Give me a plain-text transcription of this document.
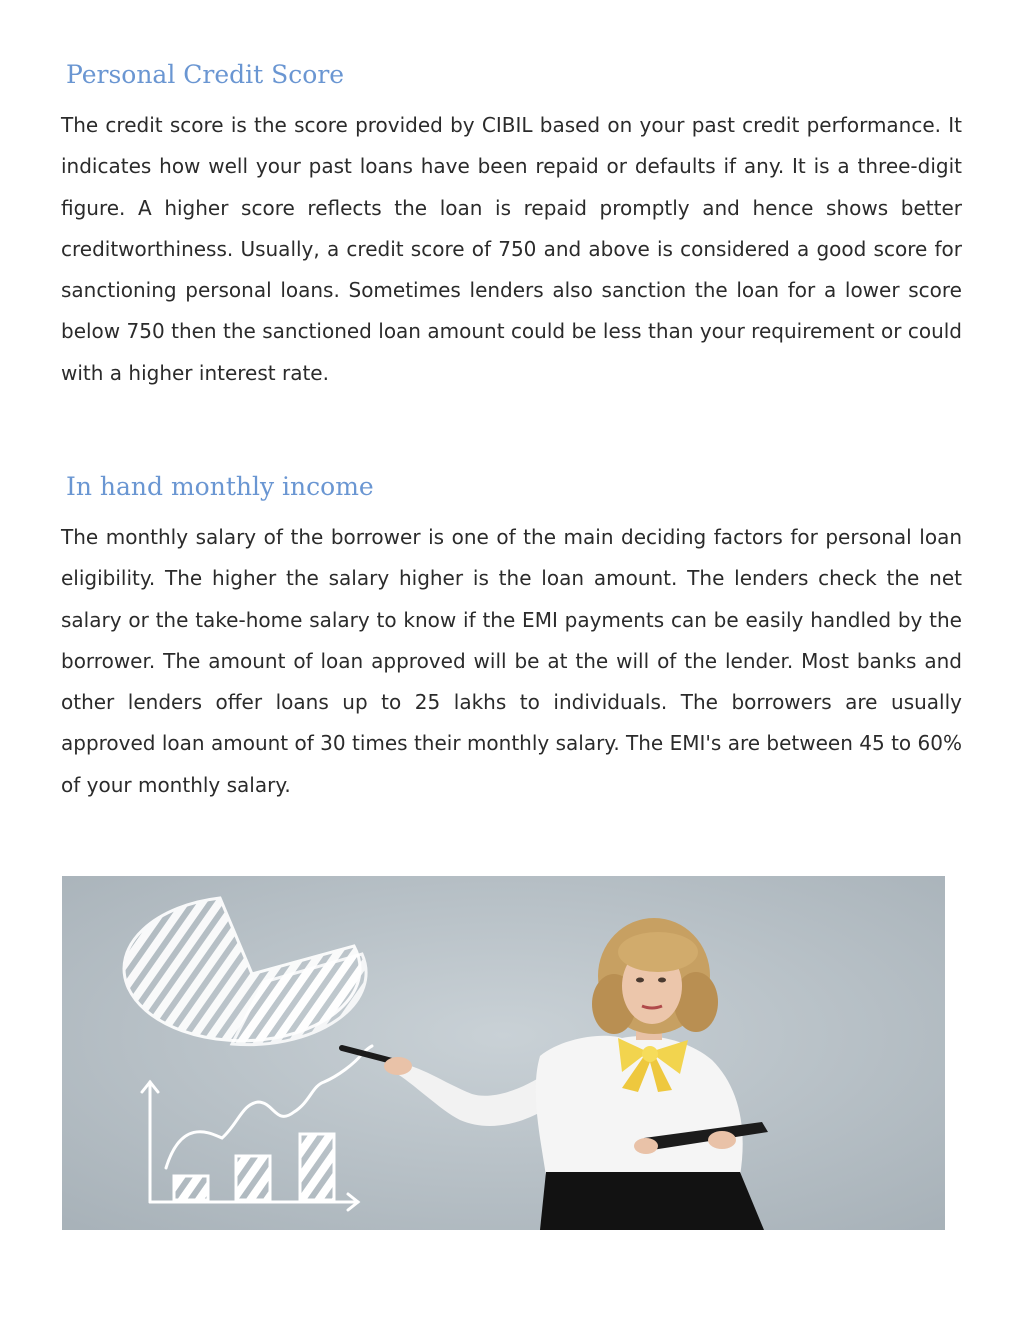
Personal Credit Score

The credit score is the score provided by CIBIL based on your past credit performance. It indicates how well your past loans have been repaid or defaults if any. It is a three-digit figure. A higher score reflects the loan is repaid promptly and hence shows better creditworthiness. Usually, a credit score of 750 and above is considered a good score for sanctioning personal loans. Sometimes lenders also sanction the loan for a lower score below 750 then the sanctioned loan amount could be less than your requirement or could with a higher interest rate.

In hand monthly income

The monthly salary of the borrower is one of the main deciding factors for personal loan eligibility. The higher the salary higher is the loan amount. The lenders check the net salary or the take-home salary to know if the EMI payments can be easily handled by the borrower. The amount of loan approved will be at the will of the lender. Most banks and other lenders offer loans up to 25 lakhs to individuals. The borrowers are usually approved loan amount of 30 times their monthly salary. The EMI's are between 45 to 60% of your monthly salary.
